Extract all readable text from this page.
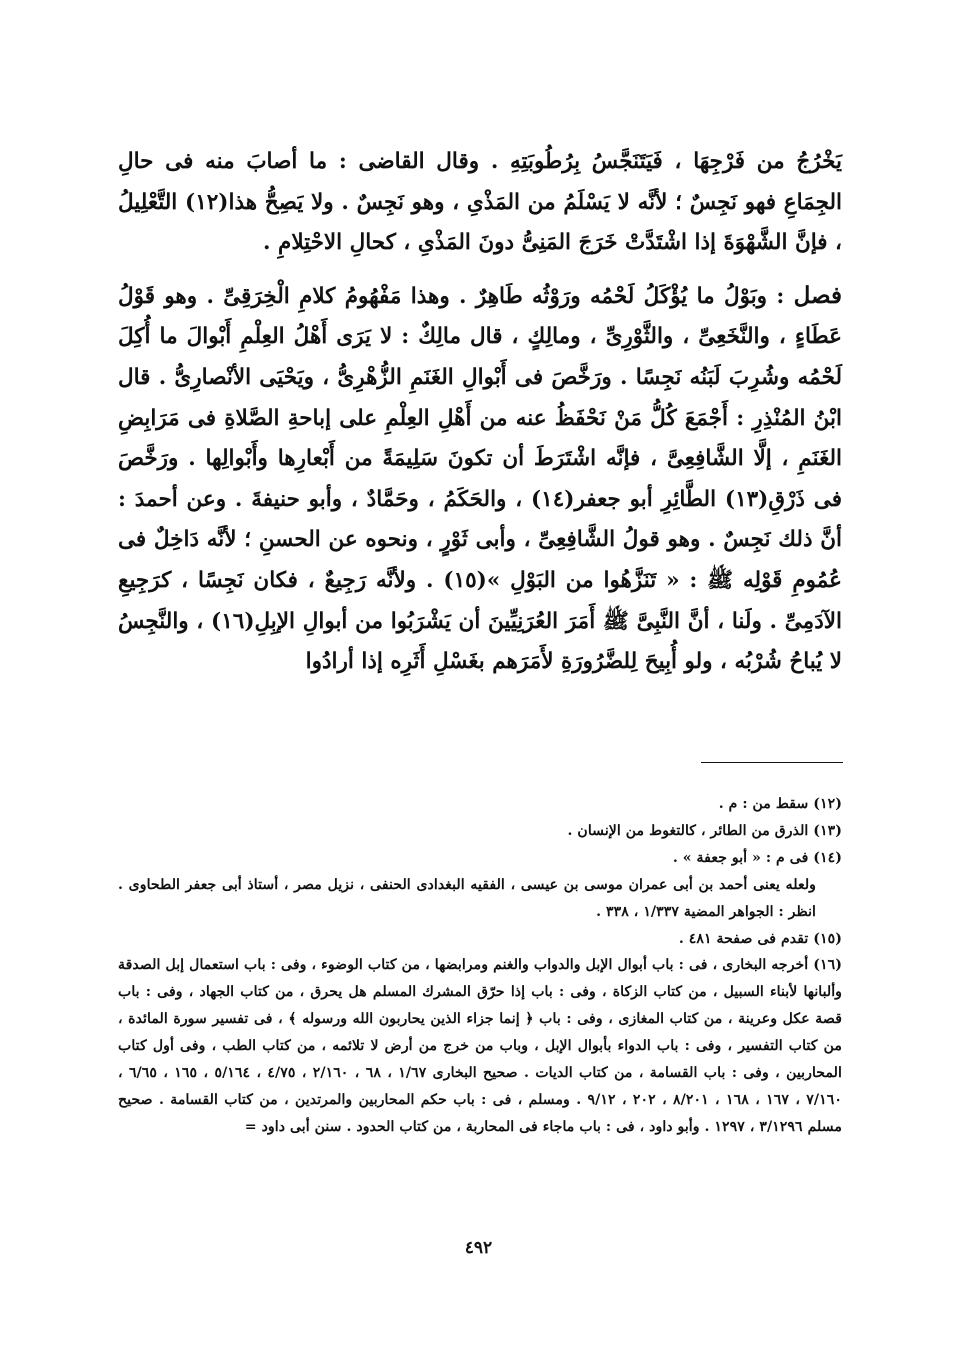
يَخْرُجُ من فَرْجِهَا ، فَيَتَنَجَّسُ بِرُطُوبَتِهِ . وقال القاضى : ما أصابَ منه فى حالِ الجِمَاعِ فهو نَجِسٌ ؛ لأنَّه لا يَسْلَمُ من المَذْىِ ، وهو نَجِسٌ . ولا يَصِحُّ هذا(١٢) التَّعْلِيلُ ، فإنَّ الشَّهْوَةَ إذا اشْتَدَّتْ خَرَجَ المَنِىُّ دونَ المَذْىِ ، كحالِ الاحْتِلامِ .

فصل : وبَوْلُ ما يُؤْكَلُ لَحْمُه ورَوْثُه طَاهِرٌ . وهذا مَفْهُومُ كلامِ الْخِرَقِىِّ . وهو قَوْلُ عَطَاءٍ ، والنَّخَعِىِّ ، والثَّوْرِىِّ ، ومالِكٍ ، قال مالِكٌ : لا يَرَى أَهْلُ العِلْمِ أَبْوالَ ما أُكِلَ لَحْمُه وشُرِبَ لَبَنُه نَجِسًا . ورَخَّصَ فى أَبْوالِ الغَنَمِ الزُّهْرِىُّ ، ويَحْيَى الأنْصارِىُّ . قال ابْنُ المُنْذِرِ : أَجْمَعَ كُلُّ مَنْ نَحْفَظُ عنه من أَهْلِ العِلْمِ على إباحةِ الصَّلاةِ فى مَرَابِضِ الغَنَمِ ، إلَّا الشَّافِعِىَّ ، فإنَّه اشْتَرَطَ أن تكونَ سَلِيمَةً من أَبْعارِها وأَبْوالِها . ورَخَّصَ فى ذَرْقِ(١٣) الطَّائِرِ أبو جعفر(١٤) ، والحَكَمُ ، وحَمَّادٌ ، وأبو حنيفةَ . وعن أحمدَ : أنَّ ذلك نَجِسٌ . وهو قولُ الشَّافِعِىِّ ، وأبى ثَوْرٍ ، ونحوه عن الحسنِ ؛ لأنَّه دَاخِلٌ فى عُمُومِ قَوْلِه ﷺ : « تَنَزَّهُوا من البَوْلِ »(١٥) . ولأنَّه رَجِيعٌ ، فكان نَجِسًا ، كرَجِيعِ الآدَمِىِّ . ولَنا ، أنَّ النَّبِىَّ ﷺ أَمَرَ العُرَنِيِّينَ أن يَشْرَبُوا من أبوالِ الإبِلِ(١٦) ، والنَّجِسُ لا يُباحُ شُرْبُه ، ولو أُبِيحَ لِلضَّرُورَةِ لأَمَرَهم بغَسْلِ أَثَرِه إذا أرادُوا

(١٢) سقط من : م .

(١٣) الذرق من الطائر ، كالتغوط من الإنسان .

(١٤) فى م : « أبو جعفة » .

ولعله يعنى أحمد بن أبى عمران موسى بن عيسى ، الفقيه البغدادى الحنفى ، نزيل مصر ، أستاذ أبى جعفر الطحاوى . انظر : الجواهر المضية ١/٣٣٧ ، ٣٣٨ .

(١٥) تقدم فى صفحة ٤٨١ .

(١٦) أخرجه البخارى ، فى : باب أبوال الإبل والدواب والغنم ومرابضها ، من كتاب الوضوء ، وفى : باب استعمال إبل الصدقة وألبانها لأبناء السبيل ، من كتاب الزكاة ، وفى : باب إذا حرّق المشرك المسلم هل يحرق ، من كتاب الجهاد ، وفى : باب قصة عكل وعرينة ، من كتاب المغازى ، وفى : باب ﴿ إنما جزاء الذين يحاربون الله ورسوله ﴾ ، فى تفسير سورة المائدة ، من كتاب التفسير ، وفى : باب الدواء بأبوال الإبل ، وباب من خرج من أرض لا تلائمه ، من كتاب الطب ، وفى أول كتاب المحاربين ، وفى : باب القسامة ، من كتاب الديات . صحيح البخارى ١/٦٧ ، ٦٨ ، ٢/١٦٠ ، ٤/٧٥ ، ٥/١٦٤ ، ١٦٥ ، ٦/٦٥ ، ٧/١٦٠ ، ١٦٧ ، ١٦٨ ، ٨/٢٠١ ، ٢٠٢ ، ٩/١٢ . ومسلم ، فى : باب حكم المحاربين والمرتدين ، من كتاب القسامة . صحيح مسلم ٣/١٢٩٦ ، ١٢٩٧ . وأبو داود ، فى : باب ماجاء فى المحاربة ، من كتاب الحدود . سنن أبى داود =

٤٩٢
